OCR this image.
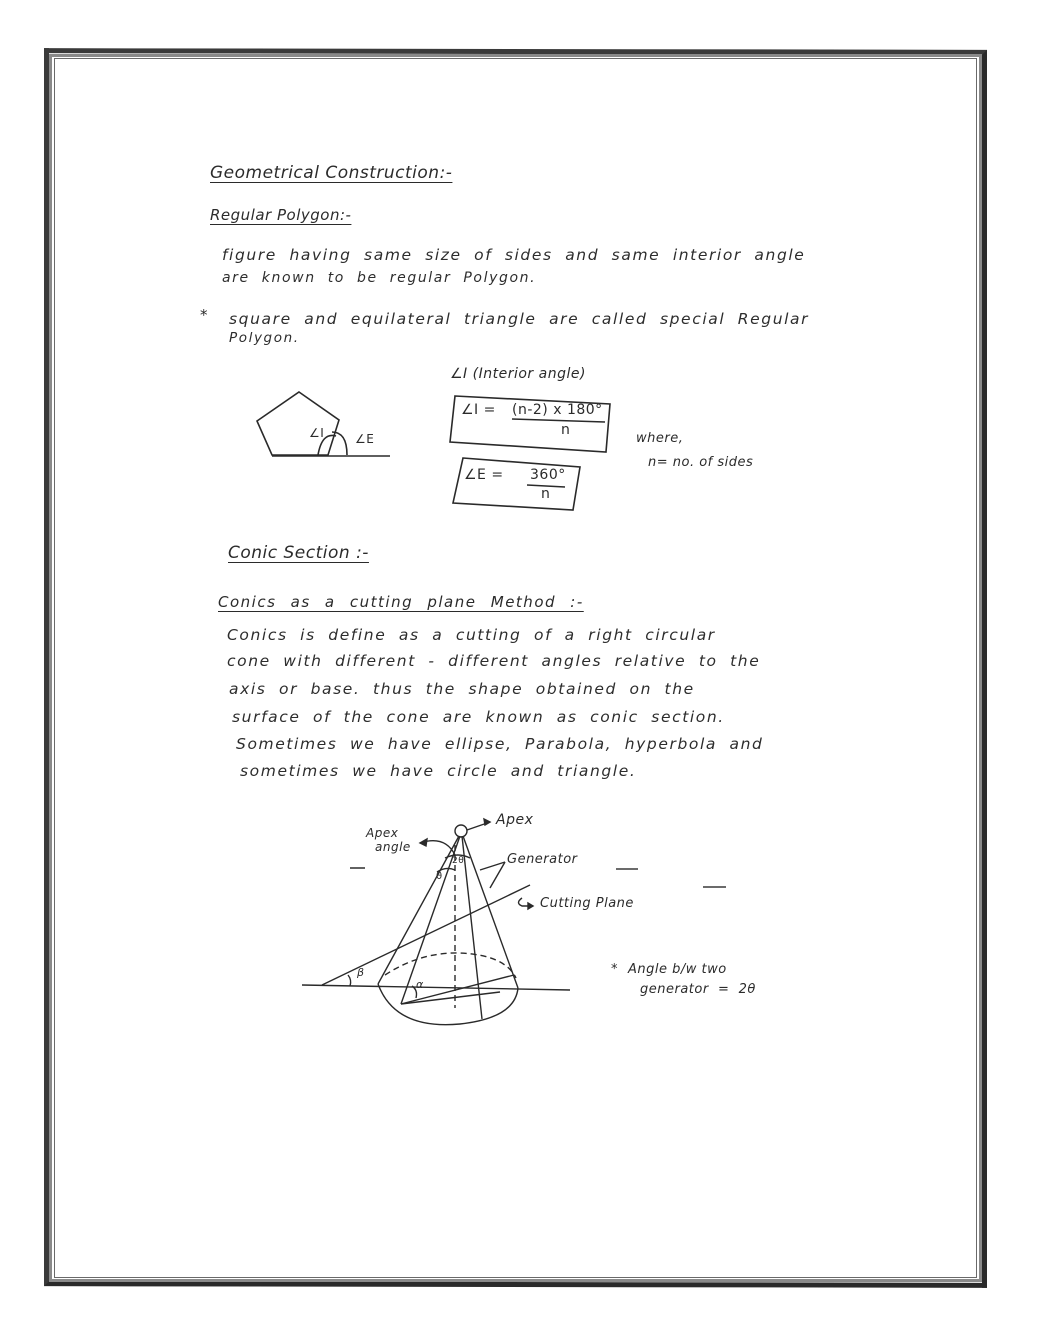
Geometrical Construction:-
Regular Polygon:-
figure having same size of sides and same interior angle
are known to be regular Polygon.
* square and equilateral triangle are called special Regular
Polygon.
∠I	∠E
∠I (Interior angle)
∠I = (n-2) x 180°
n
∠E = 360°
n
where,
n= no. of sides
Conic Section :-
Conics as a cutting plane Method :-
Conics is define as a cutting of a right circular
cone with different - different angles relative to the
axis or base. thus the shape obtained on the
surface of the cone are known as conic section.
Sometimes we have ellipse, Parabola, hyperbola and
sometimes we have circle and triangle.
Apex
Apex
angle
Generator
Cutting Plane
2θ
θ
β
α
* Angle b/w two
generator  =  2θ
